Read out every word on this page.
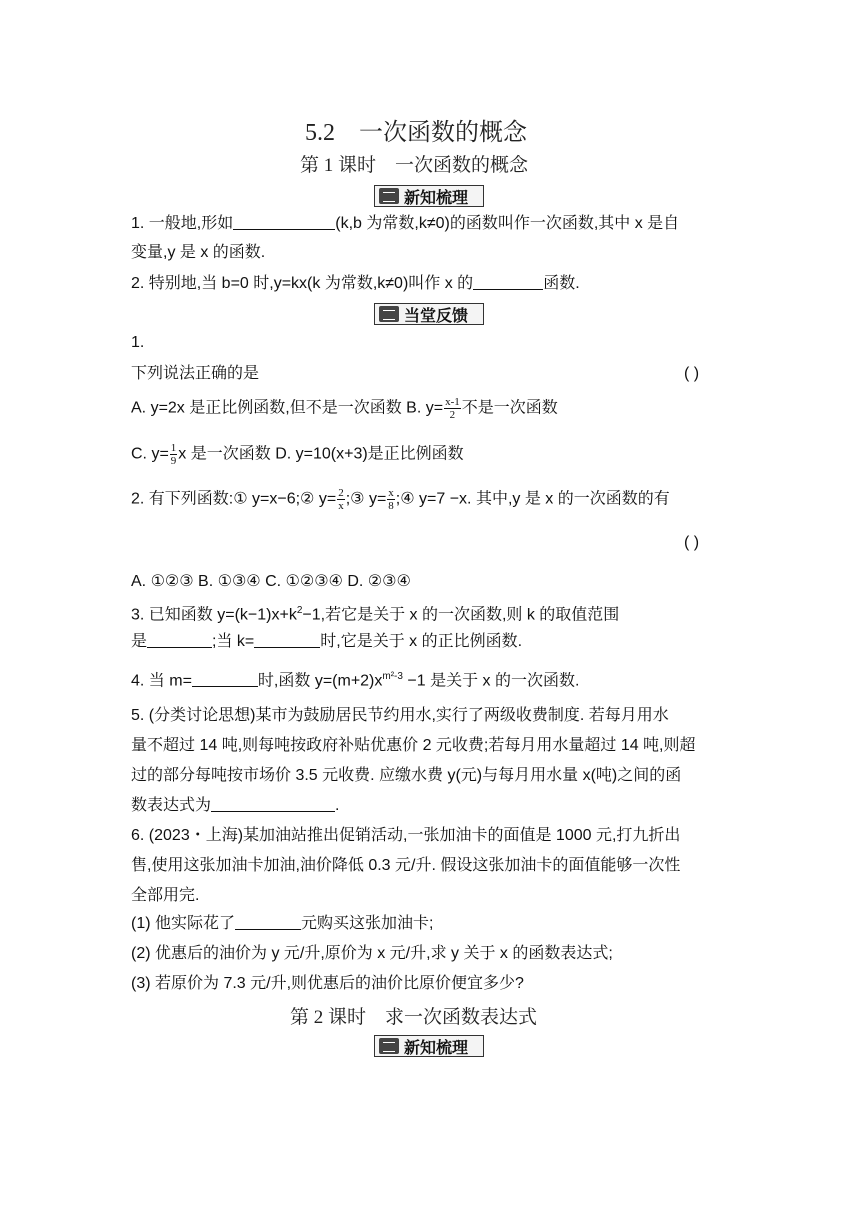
5.2　一次函数的概念
第 1 课时　一次函数的概念
新知梳理
1. 一般地,形如	(k,b 为常数,k≠0)的函数叫作一次函数,其中 x 是自
变量,y 是 x 的函数.
2. 特别地,当 b=0 时,y=kx(k 为常数,k≠0)叫作 x 的	函数.
当堂反馈
1.
下列说法正确的是	( )
A. y=2x 是正比例函数,但不是一次函数 B. $y= \frac{x-1}{2}$ 不是一次函数
C. $y= \frac{1}{9}$ x 是一次函数 D. y=10(x+3)是正比例函数
2. 有下列函数:① y=x−6;② $y= \frac{2}{x}$ ;③ $y= \frac{x}{8}$ ;④ y=7 −x. 其中,y 是 x 的一次函数的有
( )
A. ①②③ B. ①③④ C. ①②③④ D. ②③④
3. 已知函数 $y=(k-1)x+k^2-1$,若它是关于 x 的一次函数,则 k 的取值范围
是	;当 k=	时,它是关于 x 的正比例函数.
4. 当 m=	时,函数 $y=(m+2)x^{m^2-3} -1$ 是关于 x 的一次函数.
5. (分类讨论思想)某市为鼓励居民节约用水,实行了两级收费制度. 若每月用水
量不超过 14 吨,则每吨按政府补贴优惠价 2 元收费;若每月用水量超过 14 吨,则超
过的部分每吨按市场价 3.5 元收费. 应缴水费 y(元)与每月用水量 x(吨)之间的函
数表达式为	.
6. (2023・上海)某加油站推出促销活动,一张加油卡的面值是 1000 元,打九折出
售,使用这张加油卡加油,油价降低 0.3 元/升. 假设这张加油卡的面值能够一次性
全部用完.
(1) 他实际花了	元购买这张加油卡;
(2) 优惠后的油价为 y 元/升,原价为 x 元/升,求 y 关于 x 的函数表达式;
(3) 若原价为 7.3 元/升,则优惠后的油价比原价便宜多少?
第 2 课时　求一次函数表达式
新知梳理
